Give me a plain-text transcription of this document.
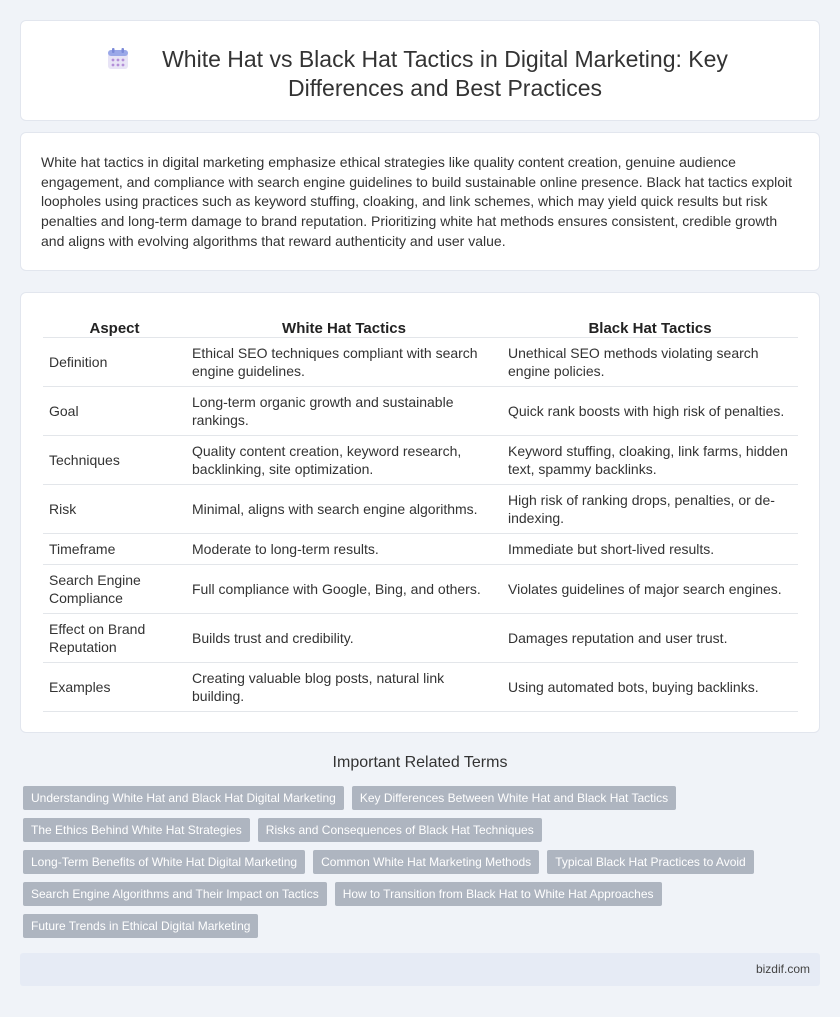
White Hat vs Black Hat Tactics in Digital Marketing: Key Differences and Best Practices

White hat tactics in digital marketing emphasize ethical strategies like quality content creation, genuine audience engagement, and compliance with search engine guidelines to build sustainable online presence. Black hat tactics exploit loopholes using practices such as keyword stuffing, cloaking, and link schemes, which may yield quick results but risk penalties and long-term damage to brand reputation. Prioritizing white hat methods ensures consistent, credible growth and aligns with evolving algorithms that reward authenticity and user value.

Aspect	White Hat Tactics	Black Hat Tactics
Definition	Ethical SEO techniques compliant with search engine guidelines.	Unethical SEO methods violating search engine policies.
Goal	Long-term organic growth and sustainable rankings.	Quick rank boosts with high risk of penalties.
Techniques	Quality content creation, keyword research, backlinking, site optimization.	Keyword stuffing, cloaking, link farms, hidden text, spammy backlinks.
Risk	Minimal, aligns with search engine algorithms.	High risk of ranking drops, penalties, or de-indexing.
Timeframe	Moderate to long-term results.	Immediate but short-lived results.
Search Engine Compliance	Full compliance with Google, Bing, and others.	Violates guidelines of major search engines.
Effect on Brand Reputation	Builds trust and credibility.	Damages reputation and user trust.
Examples	Creating valuable blog posts, natural link building.	Using automated bots, buying backlinks.
Important Related Terms
Understanding White Hat and Black Hat Digital Marketing	Key Differences Between White Hat and Black Hat Tactics
The Ethics Behind White Hat Strategies	Risks and Consequences of Black Hat Techniques
Long-Term Benefits of White Hat Digital Marketing	Common White Hat Marketing Methods	Typical Black Hat Practices to Avoid
Search Engine Algorithms and Their Impact on Tactics	How to Transition from Black Hat to White Hat Approaches
Future Trends in Ethical Digital Marketing
bizdif.com
